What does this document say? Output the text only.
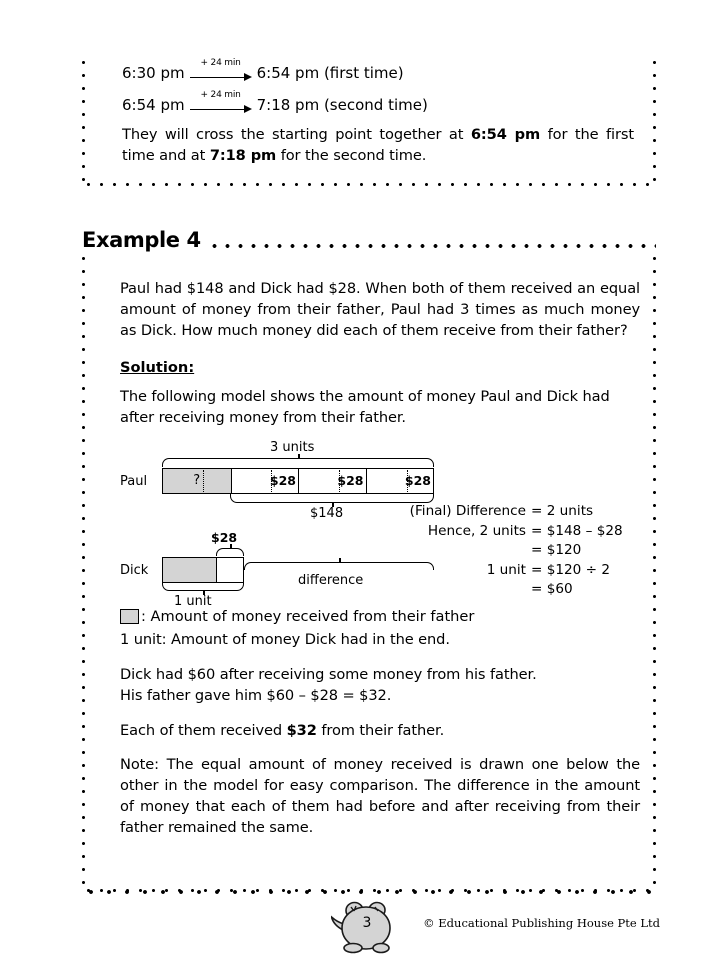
6:30 pm
+ 24 min
6:54 pm (first time)
6:54 pm
+ 24 min
7:18 pm (second time)

They will cross the starting point together at 6:54 pm for the first time and at 7:18 pm for the second time.

Example 4

Paul had $148 and Dick had $28. When both of them received an equal amount of money from their father, Paul had 3 times as much money as Dick. How much money did each of them receive from their father?

Solution:

The following model shows the amount of money Paul and Dick had after receiving money from their father.

3 units
Paul	?	$28	$28	$28
$148
$28
Dick
1 unit
difference
(Final) Difference = 2 units
Hence, 2 units = $148 – $28
= $120
1 unit = $120 ÷ 2
= $60
: Amount of money received from their father

1 unit: Amount of money Dick had in the end.

Dick had $60 after receiving some money from his father.

His father gave him $60 – $28 = $32.

Each of them received $32 from their father.

Note: The equal amount of money received is drawn one below the other in the model for easy comparison. The difference in the amount of money that each of them had before and after receiving from their father remained the same.

3	© Educational Publishing House Pte Ltd
